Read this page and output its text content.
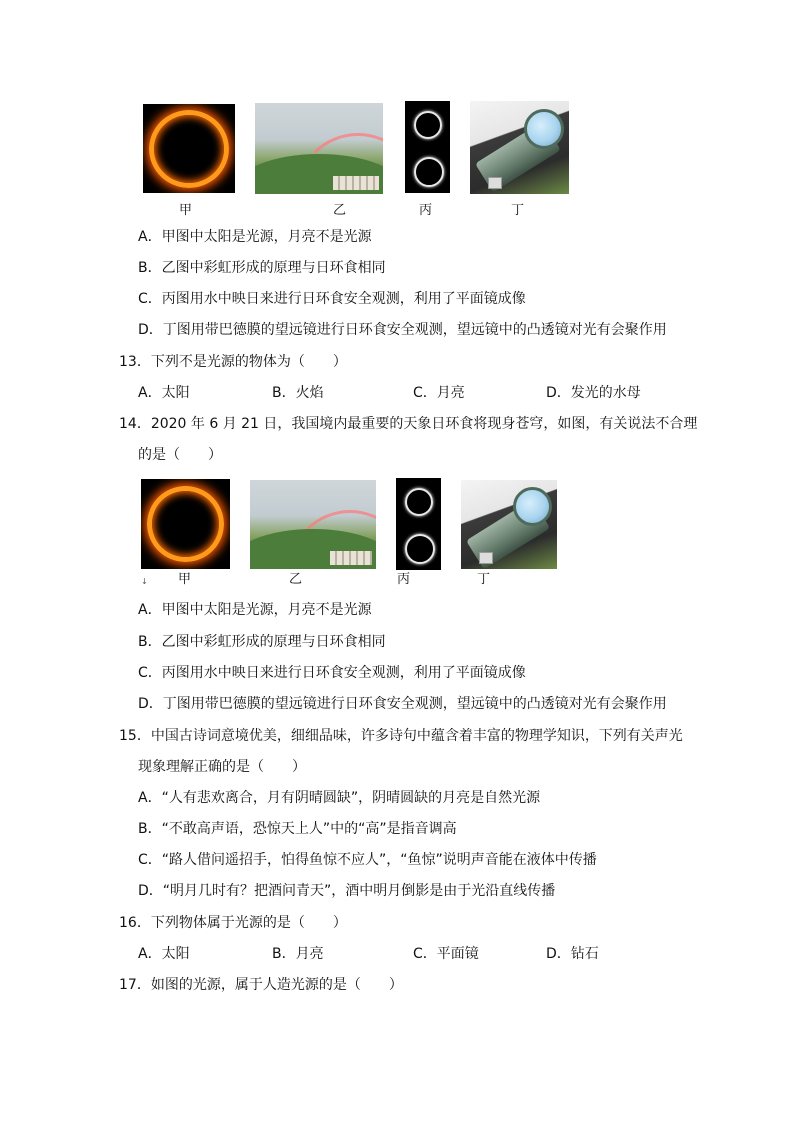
甲	乙	丙	丁
A．甲图中太阳是光源，月亮不是光源
B．乙图中彩虹形成的原理与日环食相同
C．丙图用水中映日来进行日环食安全观测，利用了平面镜成像
D．丁图用带巴德膜的望远镜进行日环食安全观测，望远镜中的凸透镜对光有会聚作用
13．下列不是光源的物体为（　　）
A．太阳	B．火焰	C．月亮	D．发光的水母
14．2020 年 6 月 21 日，我国境内最重要的天象日环食将现身苍穹，如图，有关说法不合理
的是（　　）
↓ 甲	乙	丙	丁
A．甲图中太阳是光源，月亮不是光源
B．乙图中彩虹形成的原理与日环食相同
C．丙图用水中映日来进行日环食安全观测，利用了平面镜成像
D．丁图用带巴德膜的望远镜进行日环食安全观测，望远镜中的凸透镜对光有会聚作用
15．中国古诗词意境优美，细细品味，许多诗句中蕴含着丰富的物理学知识，下列有关声光
现象理解正确的是（　　）
A．“人有悲欢离合，月有阴晴圆缺”，阴晴圆缺的月亮是自然光源
B．“不敢高声语，恐惊天上人”中的“高”是指音调高
C．“路人借问遥招手，怕得鱼惊不应人”，“鱼惊”说明声音能在液体中传播
D．“明月几时有？把酒问青天”，酒中明月倒影是由于光沿直线传播
16．下列物体属于光源的是（　　）
A．太阳	B．月亮	C．平面镜	D．钻石
17．如图的光源，属于人造光源的是（　　）
